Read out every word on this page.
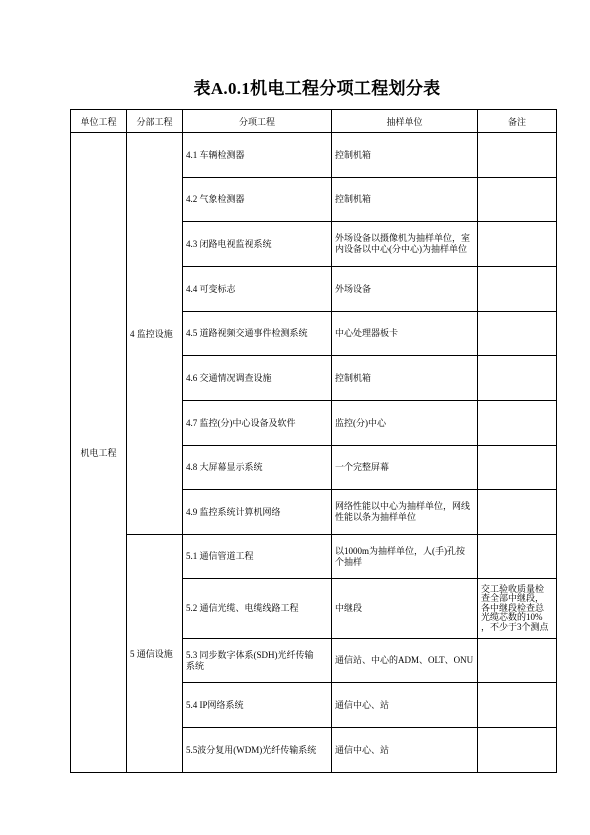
表A.0.1机电工程分项工程划分表
单位工程	分部工程	分项工程	抽样单位	备注
机电工程	4 监控设施	4.1 车辆检测器	控制机箱	

		4.2 气象检测器	控制机箱	

		4.3 闭路电视监视系统	外场设备以摄像机为抽样单位，室
内设备以中心(分中心)为抽样单位	

		4.4 可变标志	外场设备	

		4.5 道路视频交通事件检测系统	中心处理器板卡	

		4.6 交通情况调查设施	控制机箱	

		4.7 监控(分)中心设备及软件	监控(分)中心	

		4.8 大屏幕显示系统	一个完整屏幕	

		4.9 监控系统计算机网络	网络性能以中心为抽样单位，网线
性能以条为抽样单位	

	5 通信设施	5.1 通信管道工程	以1000m为抽样单位，人(手)孔按
个抽样	

		5.2 通信光缆、电缆线路工程	中继段	交工验收质量检
查全部中继段，
各中继段检查总
光缆芯数的10%
，不少于3个测点

		5.3 同步数字体系(SDH)光纤传输
系统	通信站、中心的ADM、OLT、ONU	

		5.4 IP网络系统	通信中心、站	

		5.5波分复用(WDM)光纤传输系统	通信中心、站	
